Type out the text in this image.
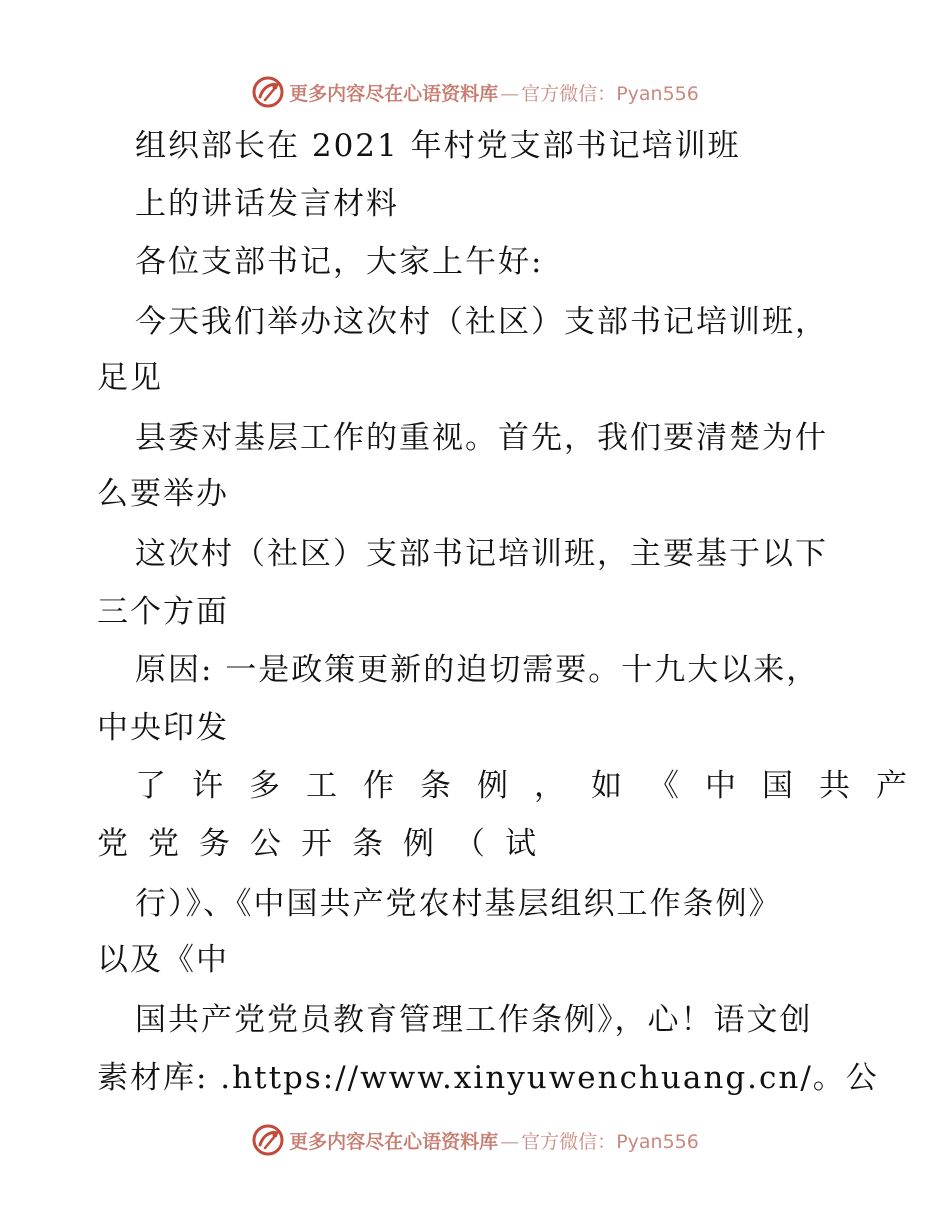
更多内容尽在心语资料库 — 官方微信：Pyan556
组织部长在 2021 年村党支部书记培训班
上的讲话发言材料
各位支部书记，大家上午好:
今天我们举办这次村（社区）支部书记培训班，
足见
县委对基层工作的重视。首先，我们要清楚为什
么要举办
这次村（社区）支部书记培训班，主要基于以下
三个方面
原因: 一是政策更新的迫切需要。十九大以来，
中央印发
了许多工作条例，如《中国共产
党党务公开条例（试
行）》、《中国共产党农村基层组织工作条例》
以及《中
国共产党党员教育管理工作条例》，心！语文创
素材库: .https://www.xinyuwenchuang.cn/。公
更多内容尽在心语资料库 — 官方微信：Pyan556
